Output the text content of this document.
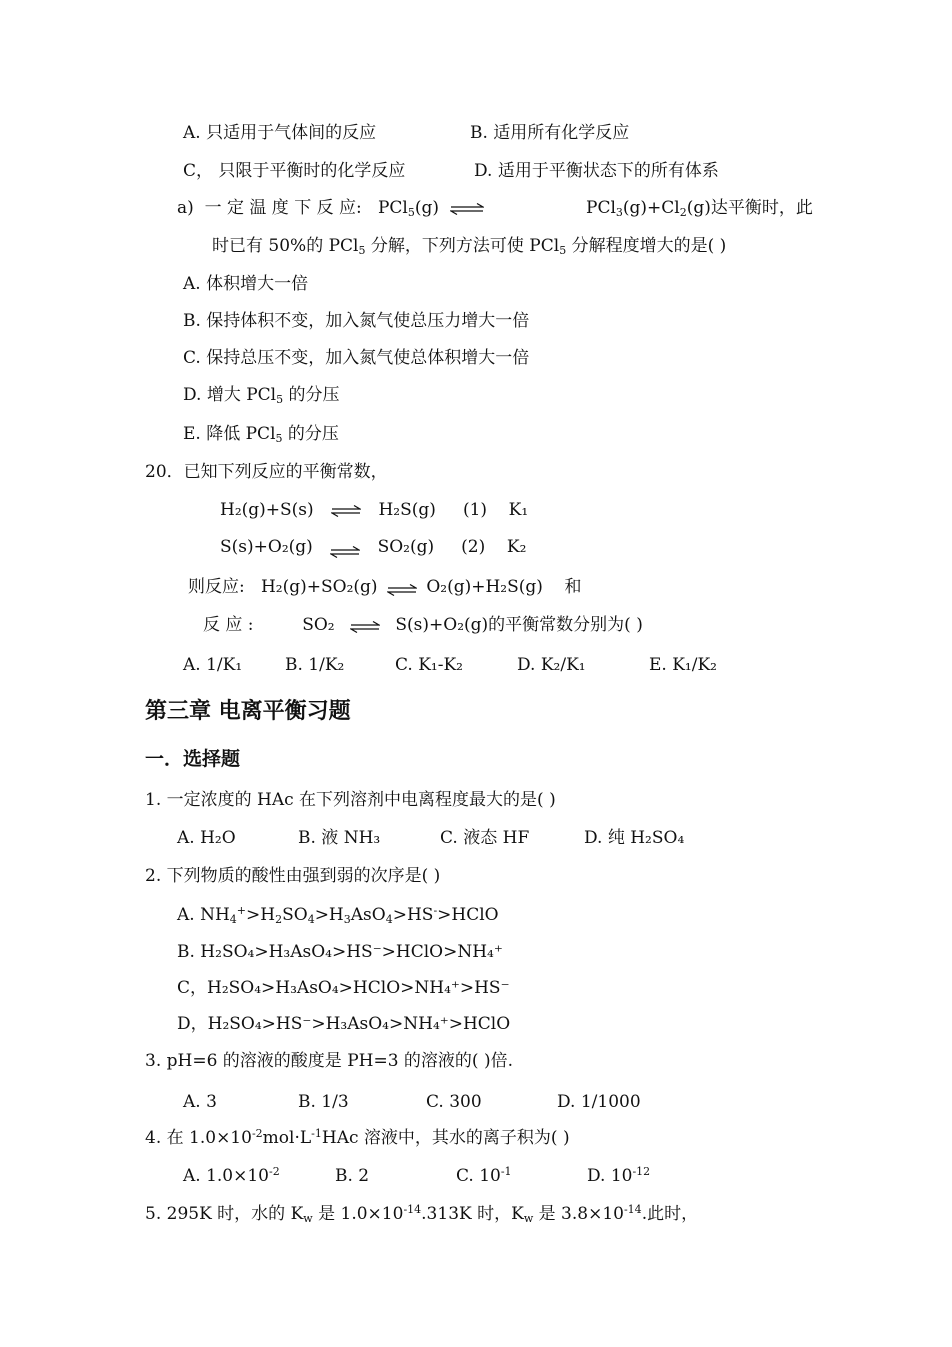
A. 只适用于气体间的反应	B. 适用所有化学反应
C， 只限于平衡时的化学反应	D. 适用于平衡状态下的所有体系
a) 一 定 温 度 下 反 应: PCl$_5$(g) ⇌	$PCl_3(g)+Cl_2(g)$达平衡时，此
时已有 50%的 PCl$_5$ 分解，下列方法可使 PCl$_5$ 分解程度增大的是( )
A. 体积增大一倍
B. 保持体积不变，加入氮气使总压力增大一倍
C. 保持总压不变，加入氮气使总体积增大一倍
D. 增大 PCl$_5$ 的分压
E. 降低 PCl$_5$ 的分压
20．已知下列反应的平衡常数，
H₂(g)+S(s) ⇌ H₂S(g) (1) K₁
S(s)+O₂(g) ⇌ SO₂(g) (2) K₂
则反应: H₂(g)+SO₂(g) ⇌ O₂(g)+H₂S(g) 和
反 应 :	SO₂ ⇌ S(s)+O₂(g)的平衡常数分别为( )
A. 1/K₁	B. 1/K₂	C. K₁-K₂	D. K₂/K₁	E. K₁/K₂
第三章 电离平衡习题
一．选择题
1. 一定浓度的 HAc 在下列溶剂中电离程度最大的是( )
A. H₂O	B. 液 NH₃	C. 液态 HF	D. 纯 H₂SO₄
2. 下列物质的酸性由强到弱的次序是( )
A. $NH_4^+>H_2SO_4>H_3AsO_4>HS^->HClO$
B. H₂SO₄>H₃AsO₄>HS⁻>HClO>NH₄⁺
C，H₂SO₄>H₃AsO₄>HClO>NH₄⁺>HS⁻
D，H₂SO₄>HS⁻>H₃AsO₄>NH₄⁺>HClO
3. pH=6 的溶液的酸度是 PH=3 的溶液的( )倍.
A. 3	B. 1/3	C. 300	D. 1/1000
4. 在 $1.0\times 10^{-2}mol\cdot L^{-1}HAc$ 溶液中，其水的离子积为( )
A. $1.0\times 10^{-2}$	B. 2	C. $10^{-1}$	D. $10^{-12}$
5. 295K 时，水的 $K_w$ 是 $1.0\times 10^{-14}.313K$ 时，$K_w$ 是 $3.8\times 10^{-14}$.此时，
